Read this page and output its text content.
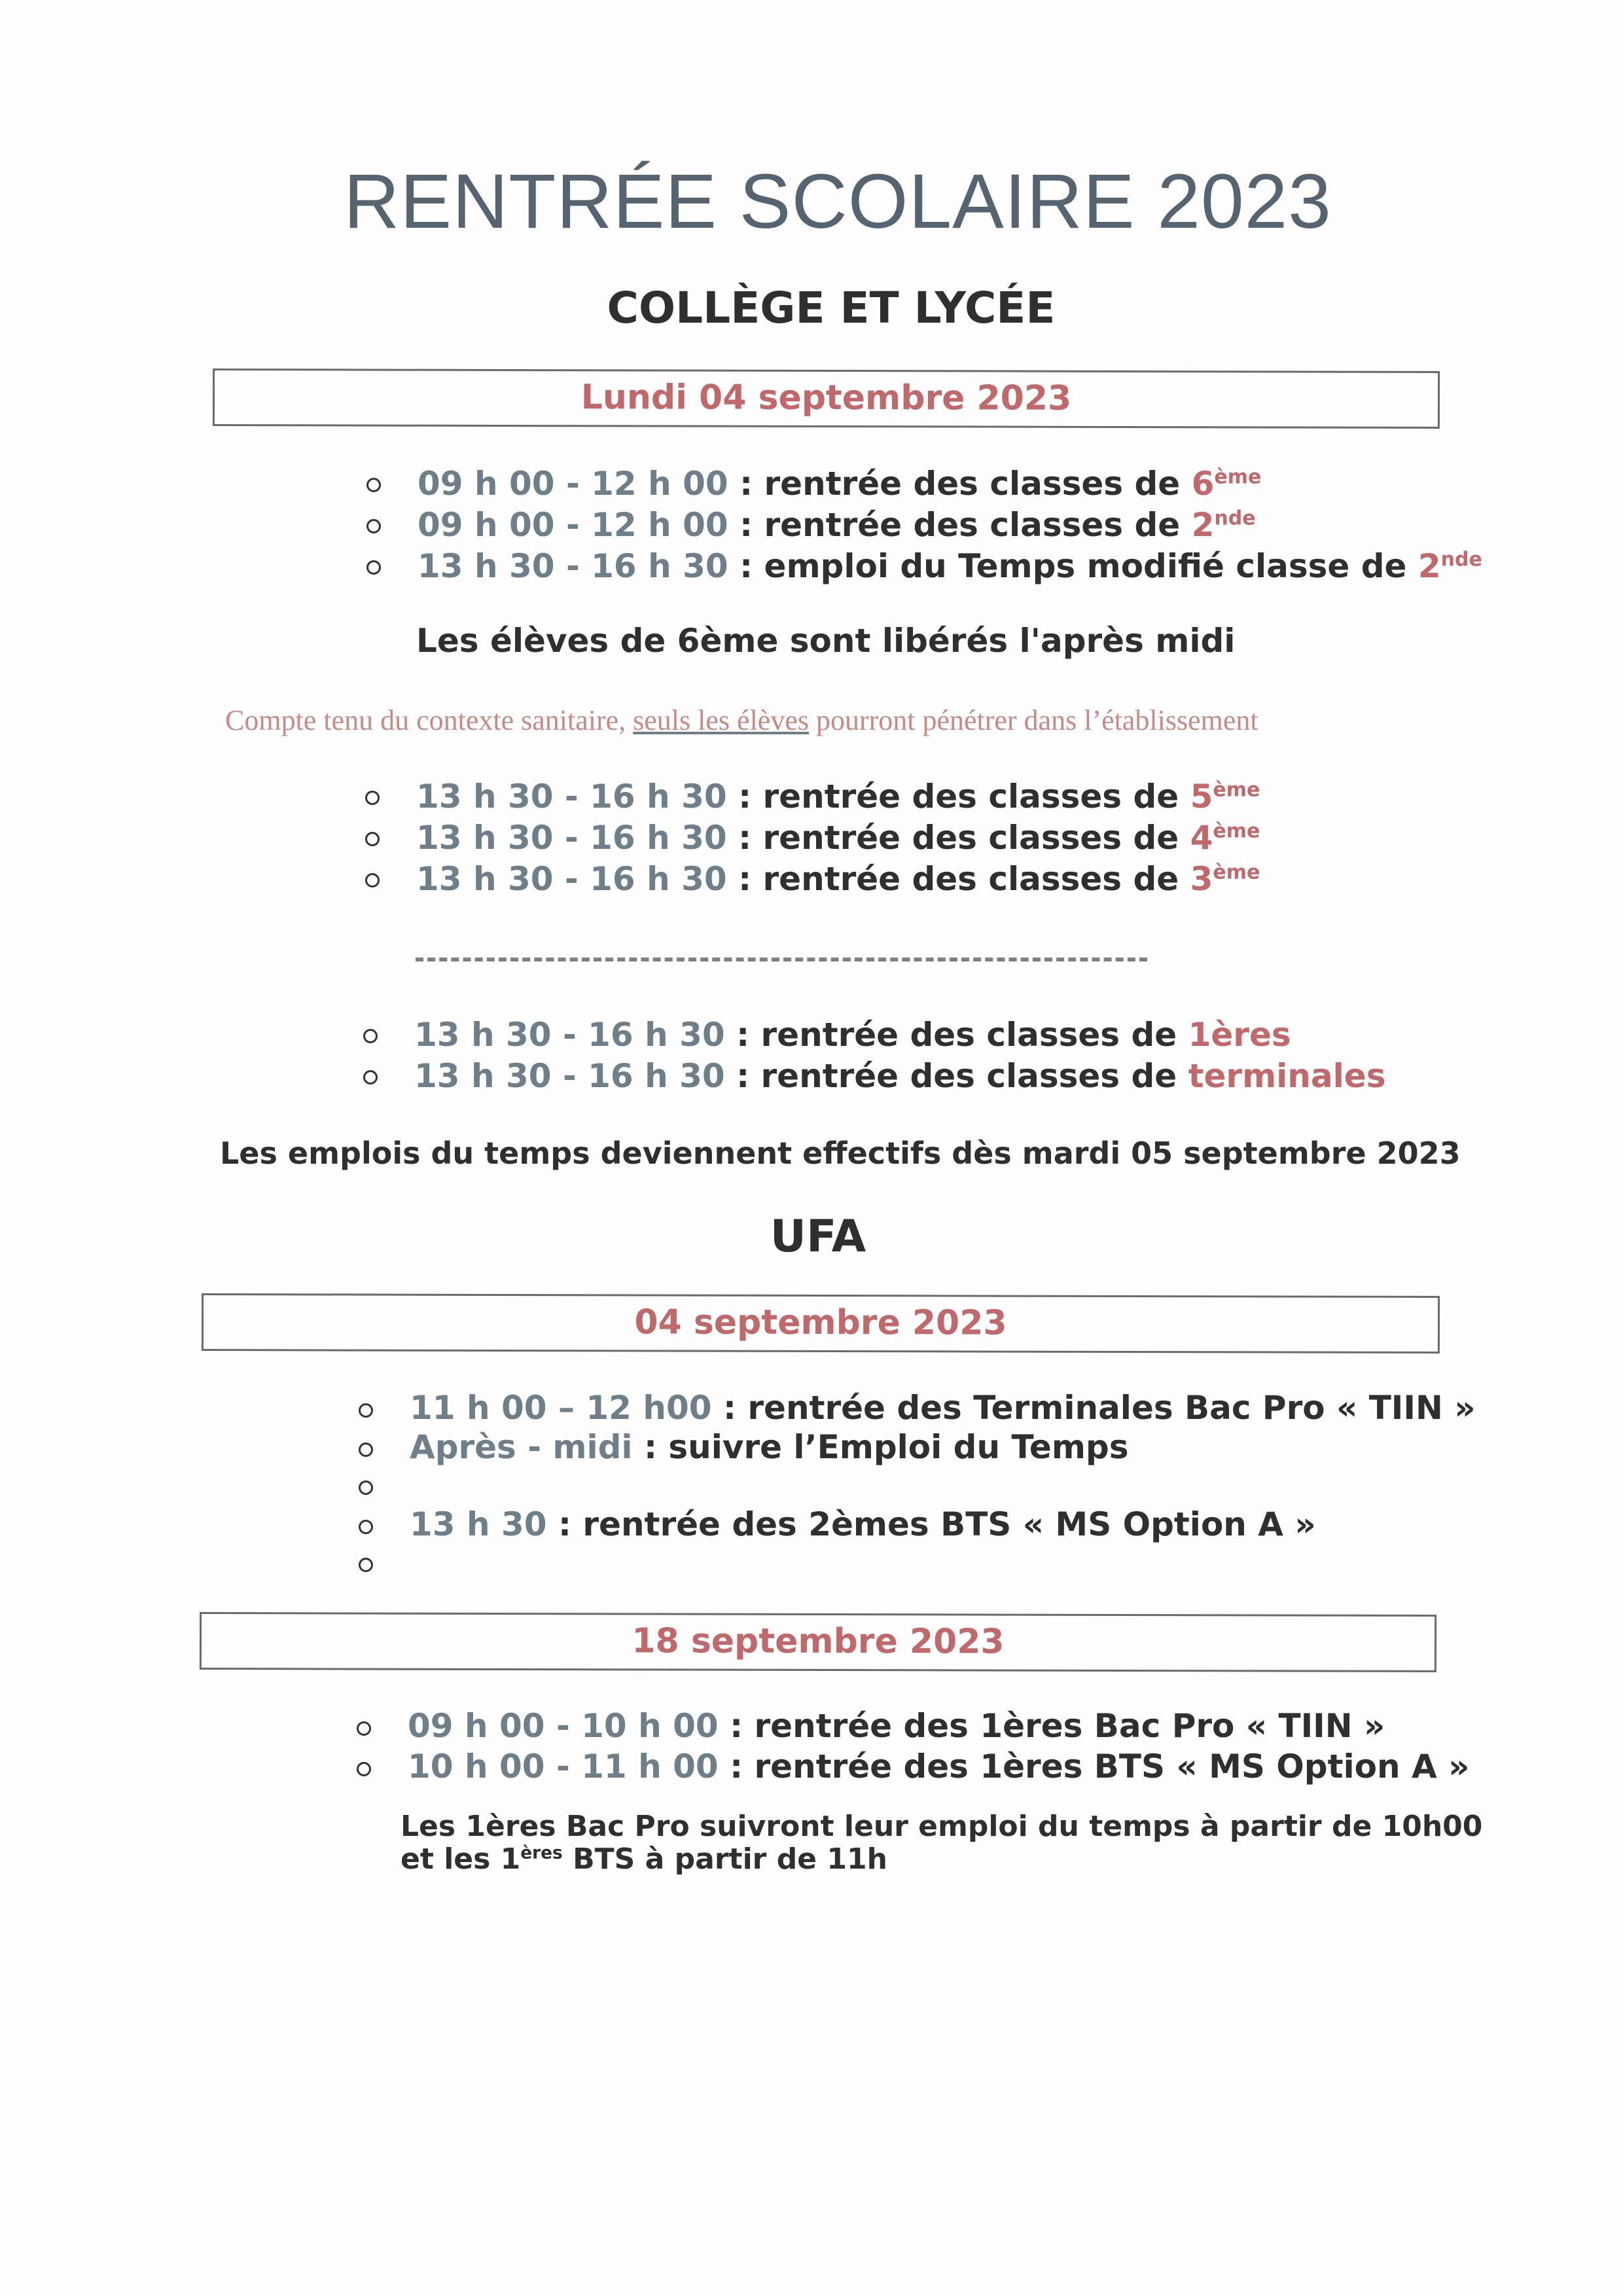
RENTRÉE SCOLAIRE 2023
COLLÈGE ET LYCÉE
Lundi 04 septembre 2023
09 h 00 - 12 h 00 : rentrée des classes de 6ème
09 h 00 - 12 h 00 : rentrée des classes de 2nde
13 h 30 - 16 h 30 : emploi du Temps modifié classe de 2nde
Les élèves de 6ème sont libérés l'après midi
Compte tenu du contexte sanitaire, seuls les élèves pourront pénétrer dans l’établissement
13 h 30 - 16 h 30 : rentrée des classes de 5ème
13 h 30 - 16 h 30 : rentrée des classes de 4ème
13 h 30 - 16 h 30 : rentrée des classes de 3ème
13 h 30 - 16 h 30 : rentrée des classes de 1ères
13 h 30 - 16 h 30 : rentrée des classes de terminales
Les emplois du temps deviennent effectifs dès mardi 05 septembre 2023
UFA
04 septembre 2023
11 h 00 – 12 h00 : rentrée des Terminales Bac Pro « TIIN »
Après - midi : suivre l’Emploi du Temps
13 h 30 : rentrée des 2èmes BTS « MS Option A »
18 septembre 2023
09 h 00 - 10 h 00 : rentrée des 1ères Bac Pro « TIIN »
10 h 00 - 11 h 00 : rentrée des 1ères BTS « MS Option A »
Les 1ères Bac Pro suivront leur emploi du temps à partir de 10h00
et les 1ères BTS à partir de 11h
